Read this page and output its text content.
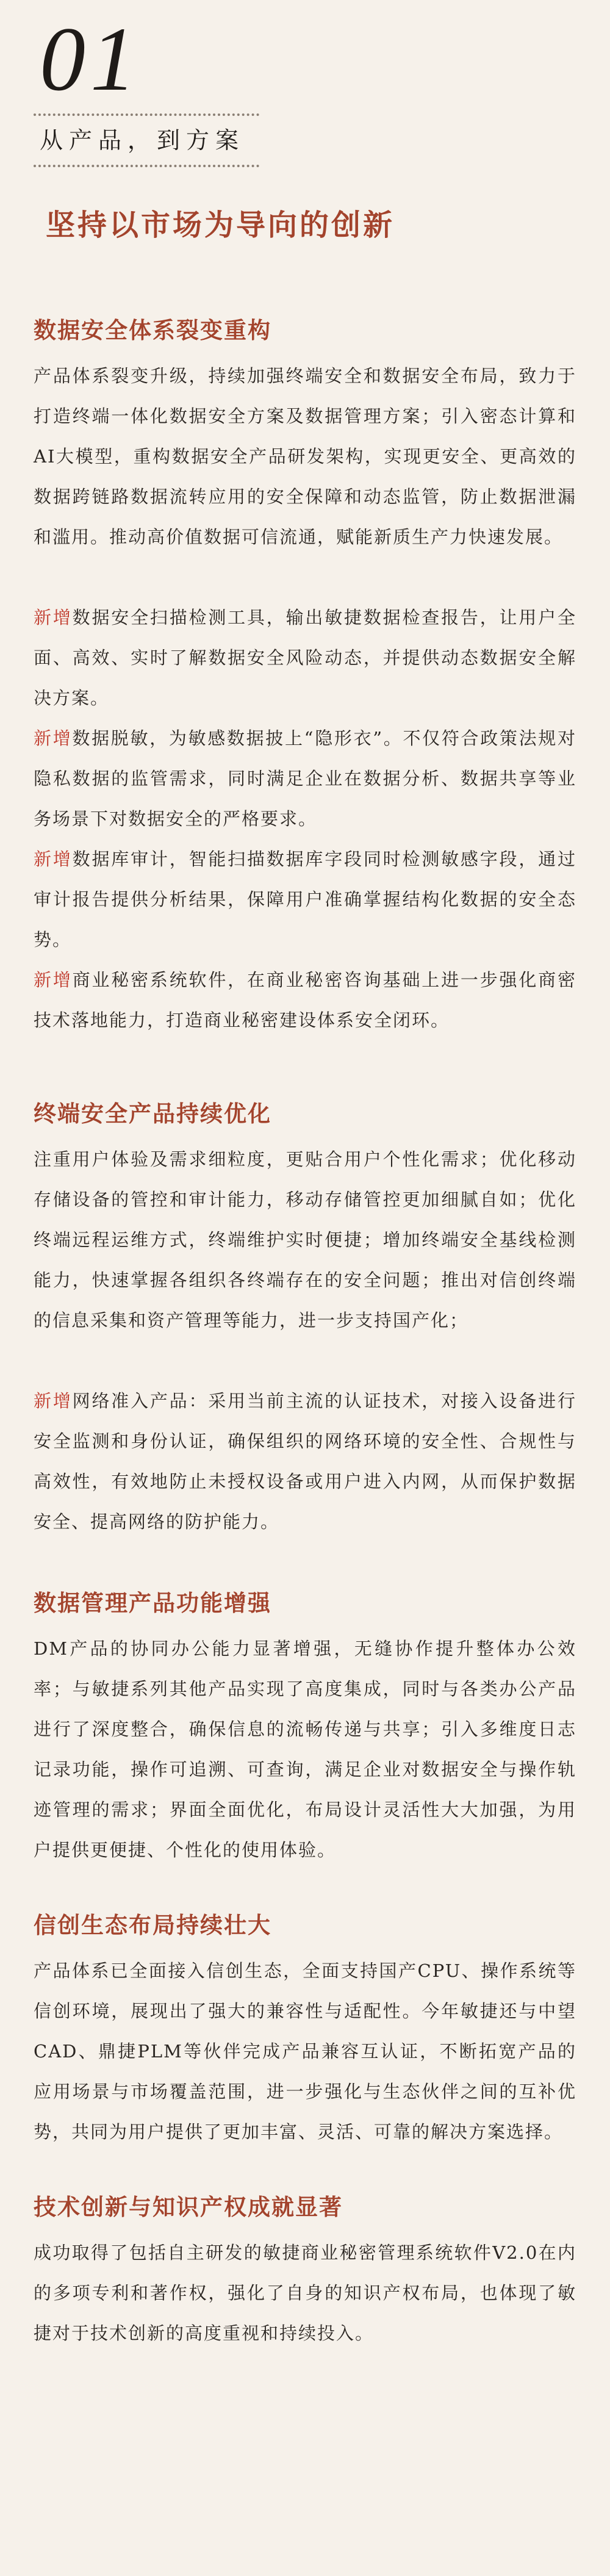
01
从产品，到方案
坚持以市场为导向的创新
数据安全体系裂变重构

产品体系裂变升级，持续加强终端安全和数据安全布局，致力于打造终端一体化数据安全方案及数据管理方案；引入密态计算和AI大模型，重构数据安全产品研发架构，实现更安全、更高效的数据跨链路数据流转应用的安全保障和动态监管，防止数据泄漏和滥用。推动高价值数据可信流通，赋能新质生产力快速发展。

新增数据安全扫描检测工具，输出敏捷数据检查报告，让用户全面、高效、实时了解数据安全风险动态，并提供动态数据安全解决方案。

新增数据脱敏，为敏感数据披上“隐形衣”。不仅符合政策法规对隐私数据的监管需求，同时满足企业在数据分析、数据共享等业务场景下对数据安全的严格要求。

新增数据库审计，智能扫描数据库字段同时检测敏感字段，通过审计报告提供分析结果，保障用户准确掌握结构化数据的安全态势。

新增商业秘密系统软件，在商业秘密咨询基础上进一步强化商密技术落地能力，打造商业秘密建设体系安全闭环。

终端安全产品持续优化

注重用户体验及需求细粒度，更贴合用户个性化需求；优化移动存储设备的管控和审计能力，移动存储管控更加细腻自如；优化终端远程运维方式，终端维护实时便捷；增加终端安全基线检测能力，快速掌握各组织各终端存在的安全问题；推出对信创终端的信息采集和资产管理等能力，进一步支持国产化；

新增网络准入产品：采用当前主流的认证技术，对接入设备进行安全监测和身份认证，确保组织的网络环境的安全性、合规性与高效性，有效地防止未授权设备或用户进入内网，从而保护数据安全、提高网络的防护能力。

数据管理产品功能增强

DM产品的协同办公能力显著增强，无缝协作提升整体办公效率；与敏捷系列其他产品实现了高度集成，同时与各类办公产品进行了深度整合，确保信息的流畅传递与共享；引入多维度日志记录功能，操作可追溯、可查询，满足企业对数据安全与操作轨迹管理的需求；界面全面优化，布局设计灵活性大大加强，为用户提供更便捷、个性化的使用体验。

信创生态布局持续壮大

产品体系已全面接入信创生态，全面支持国产CPU、操作系统等信创环境，展现出了强大的兼容性与适配性。今年敏捷还与中望CAD、鼎捷PLM等伙伴完成产品兼容互认证，不断拓宽产品的应用场景与市场覆盖范围，进一步强化与生态伙伴之间的互补优势，共同为用户提供了更加丰富、灵活、可靠的解决方案选择。

技术创新与知识产权成就显著

成功取得了包括自主研发的敏捷商业秘密管理系统软件V2.0在内的多项专利和著作权，强化了自身的知识产权布局，也体现了敏捷对于技术创新的高度重视和持续投入。
